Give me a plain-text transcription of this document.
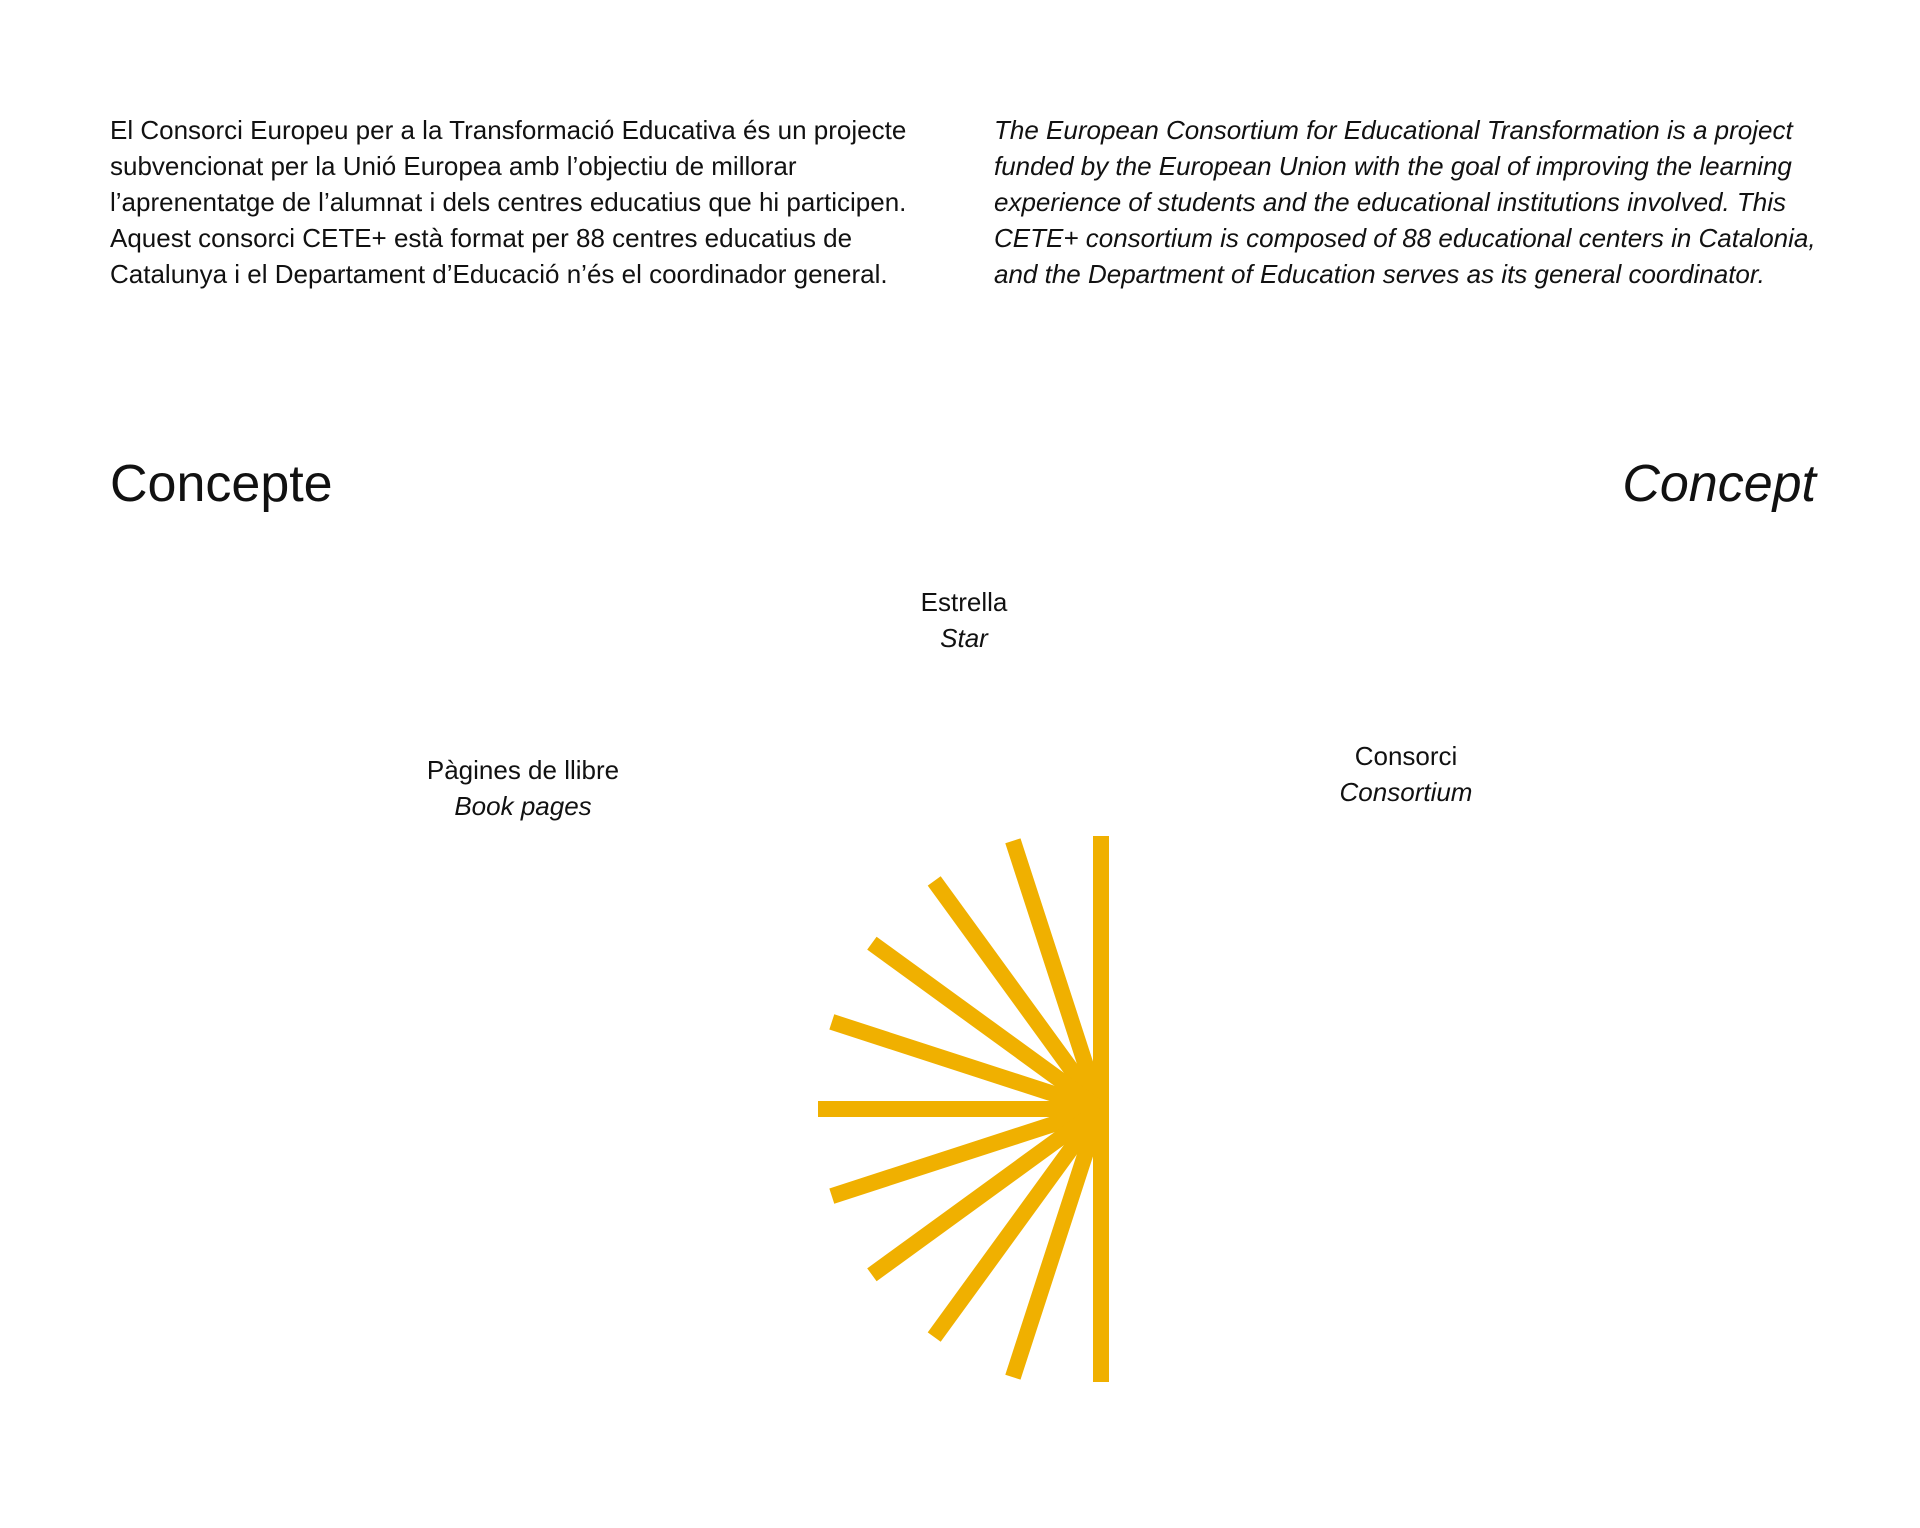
El Consorci Europeu per a la Transformació Educativa és un projecte subvencionat per la Unió Europea amb l’objectiu de millorar l’aprenentatge de l’alumnat i dels centres educatius que hi participen. Aquest consorci CETE+ està format per 88 centres educatius de Catalunya i el Departament d’Educació n’és el coordinador general.

The European Consortium for Educational Transformation is a project funded by the European Union with the goal of improving the learning experience of students and the educational institutions involved. This CETE+ consortium is composed of 88 educational centers in Catalonia, and the Department of Education serves as its general coordinator.

Concepte	Concept
Estrella
Star
Pàgines de llibre
Book pages
Consorci
Consortium
